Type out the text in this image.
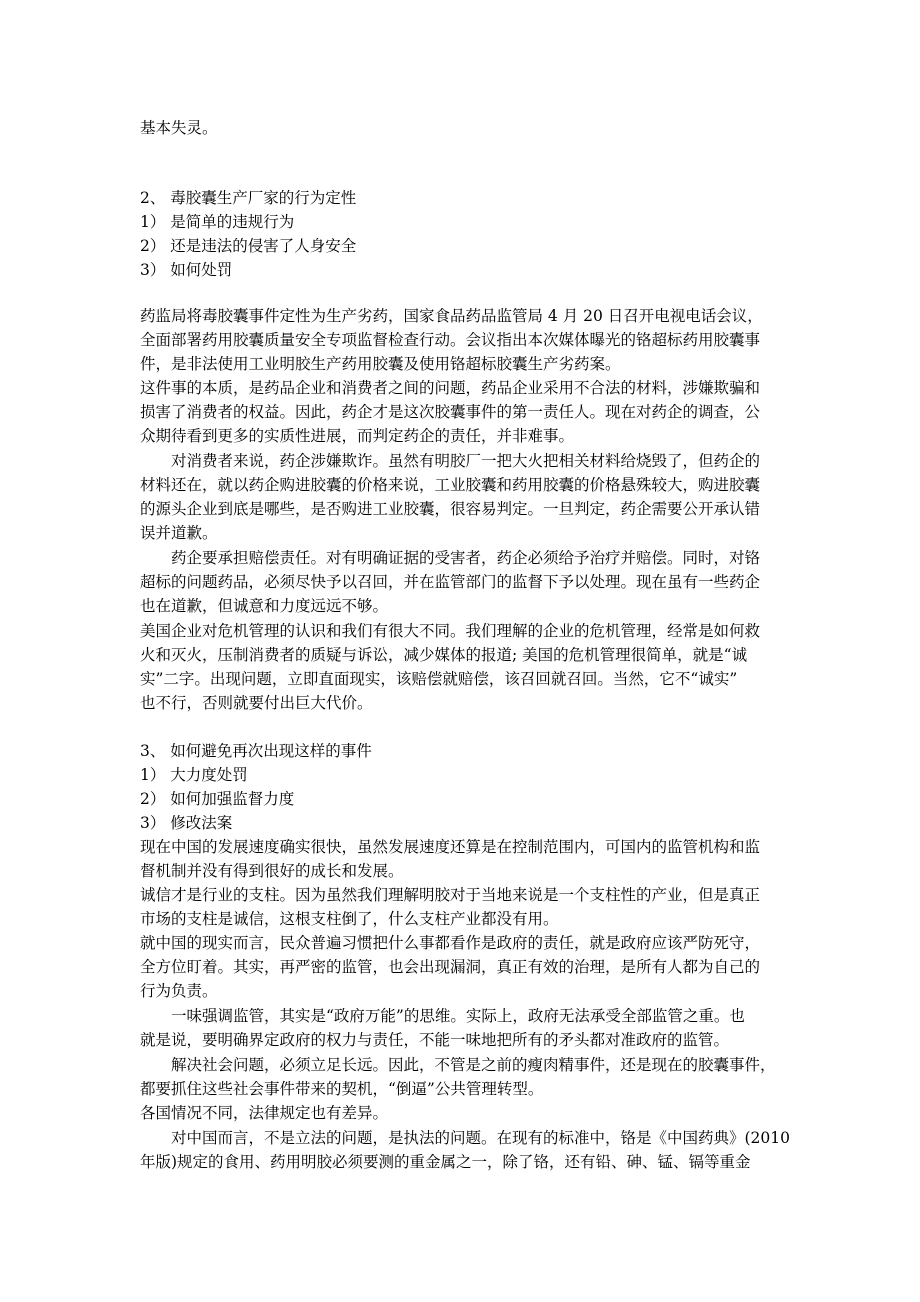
基本失灵。
2、 毒胶囊生产厂家的行为定性
1） 是简单的违规行为
2） 还是违法的侵害了人身安全
3） 如何处罚
药监局将毒胶囊事件定性为生产劣药，国家食品药品监管局 4 月 20 日召开电视电话会议，
全面部署药用胶囊质量安全专项监督检查行动。会议指出本次媒体曝光的铬超标药用胶囊事
件，是非法使用工业明胶生产药用胶囊及使用铬超标胶囊生产劣药案。
这件事的本质，是药品企业和消费者之间的问题，药品企业采用不合法的材料，涉嫌欺骗和
损害了消费者的权益。因此，药企才是这次胶囊事件的第一责任人。现在对药企的调查，公
众期待看到更多的实质性进展，而判定药企的责任，并非难事。
对消费者来说，药企涉嫌欺诈。虽然有明胶厂一把大火把相关材料给烧毁了，但药企的
材料还在，就以药企购进胶囊的价格来说，工业胶囊和药用胶囊的价格悬殊较大，购进胶囊
的源头企业到底是哪些，是否购进工业胶囊，很容易判定。一旦判定，药企需要公开承认错
误并道歉。
药企要承担赔偿责任。对有明确证据的受害者，药企必须给予治疗并赔偿。同时，对铬
超标的问题药品，必须尽快予以召回，并在监管部门的监督下予以处理。现在虽有一些药企
也在道歉，但诚意和力度远远不够。
美国企业对危机管理的认识和我们有很大不同。我们理解的企业的危机管理，经常是如何救
火和灭火，压制消费者的质疑与诉讼，减少媒体的报道; 美国的危机管理很简单，就是“诚
实”二字。出现问题，立即直面现实，该赔偿就赔偿，该召回就召回。当然，它不“诚实”
也不行，否则就要付出巨大代价。
3、 如何避免再次出现这样的事件
1） 大力度处罚
2） 如何加强监督力度
3） 修改法案
现在中国的发展速度确实很快，虽然发展速度还算是在控制范围内，可国内的监管机构和监
督机制并没有得到很好的成长和发展。
诚信才是行业的支柱。因为虽然我们理解明胶对于当地来说是一个支柱性的产业，但是真正
市场的支柱是诚信，这根支柱倒了，什么支柱产业都没有用。
就中国的现实而言，民众普遍习惯把什么事都看作是政府的责任，就是政府应该严防死守，
全方位盯着。其实，再严密的监管，也会出现漏洞，真正有效的治理，是所有人都为自己的
行为负责。
一味强调监管，其实是“政府万能”的思维。实际上，政府无法承受全部监管之重。也
就是说，要明确界定政府的权力与责任，不能一味地把所有的矛头都对准政府的监管。
解决社会问题，必须立足长远。因此，不管是之前的瘦肉精事件，还是现在的胶囊事件，
都要抓住这些社会事件带来的契机，“倒逼”公共管理转型。
各国情况不同，法律规定也有差异。
对中国而言，不是立法的问题，是执法的问题。在现有的标准中，铬是《中国药典》(2010
年版)规定的食用、药用明胶必须要测的重金属之一，除了铬，还有铅、砷、锰、镉等重金
